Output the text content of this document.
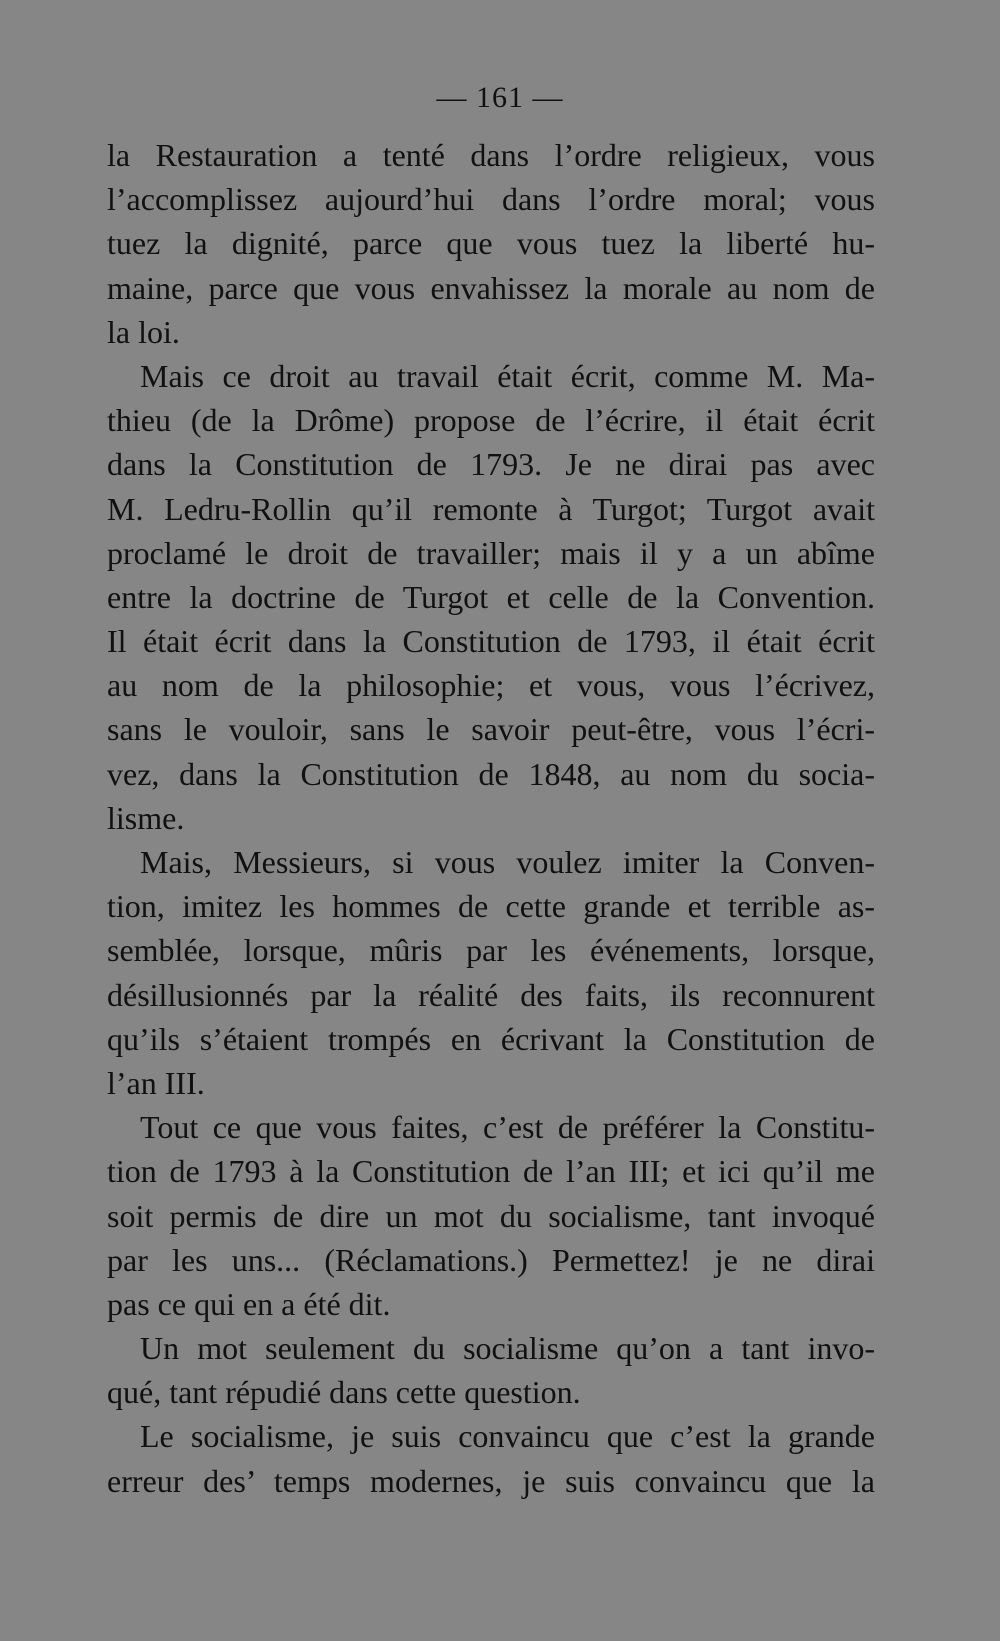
— 161 —
la Restauration a tenté dans l’ordre religieux, vous
l’accomplissez aujourd’hui dans l’ordre moral; vous
tuez la dignité, parce que vous tuez la liberté hu-
maine, parce que vous envahissez la morale au nom de
la loi.
Mais ce droit au travail était écrit, comme M. Ma-
thieu (de la Drôme) propose de l’écrire, il était écrit
dans la Constitution de 1793. Je ne dirai pas avec
M. Ledru-Rollin qu’il remonte à Turgot; Turgot avait
proclamé le droit de travailler; mais il y a un abîme
entre la doctrine de Turgot et celle de la Convention.
Il était écrit dans la Constitution de 1793, il était écrit
au nom de la philosophie; et vous, vous l’écrivez,
sans le vouloir, sans le savoir peut-être, vous l’écri-
vez, dans la Constitution de 1848, au nom du socia-
lisme.
Mais, Messieurs, si vous voulez imiter la Conven-
tion, imitez les hommes de cette grande et terrible as-
semblée, lorsque, mûris par les événements, lorsque,
désillusionnés par la réalité des faits, ils reconnurent
qu’ils s’étaient trompés en écrivant la Constitution de
l’an III.
Tout ce que vous faites, c’est de préférer la Constitu-
tion de 1793 à la Constitution de l’an III; et ici qu’il me
soit permis de dire un mot du socialisme, tant invoqué
par les uns... (Réclamations.) Permettez! je ne dirai
pas ce qui en a été dit.
Un mot seulement du socialisme qu’on a tant invo-
qué, tant répudié dans cette question.
Le socialisme, je suis convaincu que c’est la grande
erreur des’ temps modernes, je suis convaincu que la
